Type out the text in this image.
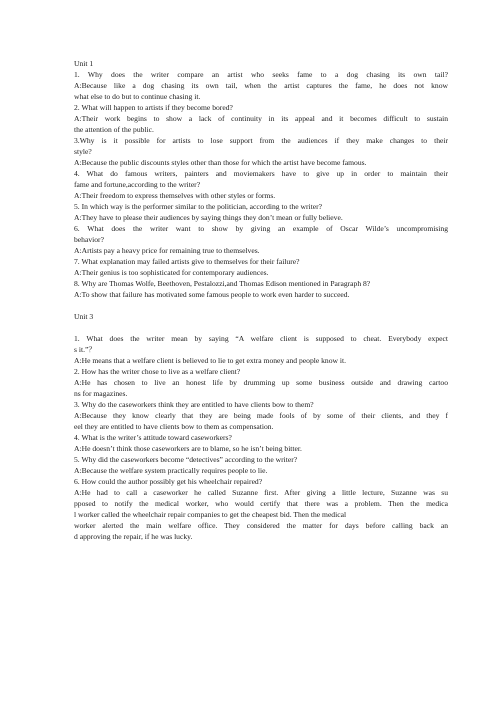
Unit 1
1. Why does the writer compare an artist who seeks fame to a dog chasing its own tail?
A:Because like a dog chasing its own tail, when the artist captures the fame, he does not know
what else to do but to continue chasing it.
2. What will happen to artists if they become bored?
A:Their work begins to show a lack of continuity in its appeal and it becomes difficult to sustain
the attention of the public.
3.Why is it possible for artists to lose support from the audiences if they make changes to their
style?
A:Because the public discounts styles other than those for which the artist have become famous.
4. What do famous writers, painters and moviemakers have to give up in order to maintain their
fame and fortune,according to the writer?
A:Their freedom to express themselves with other styles or forms.
5. In which way is the performer similar to the politician, according to the writer?
A:They have to please their audiences by saying things they don’t mean or fully believe.
6. What does the writer want to show by giving an example of Oscar Wilde’s uncompromising
behavior?
A:Artists pay a heavy price for remaining true to themselves.
7. What explanation may failed artists give to themselves for their failure?
A:Their genius is too sophisticated for contemporary audiences.
8. Why are Thomas Wolfe, Beethoven, Pestalozzi,and Thomas Edison mentioned in Paragraph 8?
A:To show that failure has motivated some famous people to work even harder to succeed.
Unit 3
1. What does the writer mean by saying “A welfare client is supposed to cheat. Everybody expect
s it.”？
A:He means that a welfare client is believed to lie to get extra money and people know it.
2. How has the writer chose to live as a welfare client?
A:He has chosen to live an honest life by drumming up some business outside and drawing cartoo
ns for magazines.
3. Why do the caseworkers think they are entitled to have clients bow to them?
A:Because they know clearly that they are being made fools of by some of their clients, and they f
eel they are entitled to have clients bow to them as compensation.
4. What is the writer’s attitude toward caseworkers?
A:He doesn’t think those caseworkers are to blame, so he isn’t being bitter.
5. Why did the caseworkers become “detectives” according to the writer?
A:Because the welfare system practically requires people to lie.
6. How could the author possibly get his wheelchair repaired?
A:He had to call a caseworker he called Suzanne first. After giving a little lecture, Suzanne was su
pposed to notify the medical worker, who would certify that there was a problem. Then the medica
l worker called the wheelchair repair companies to get the cheapest bid. Then the medical
worker alerted the main welfare office. They considered the matter for days before calling back an
d approving the repair, if he was lucky.
